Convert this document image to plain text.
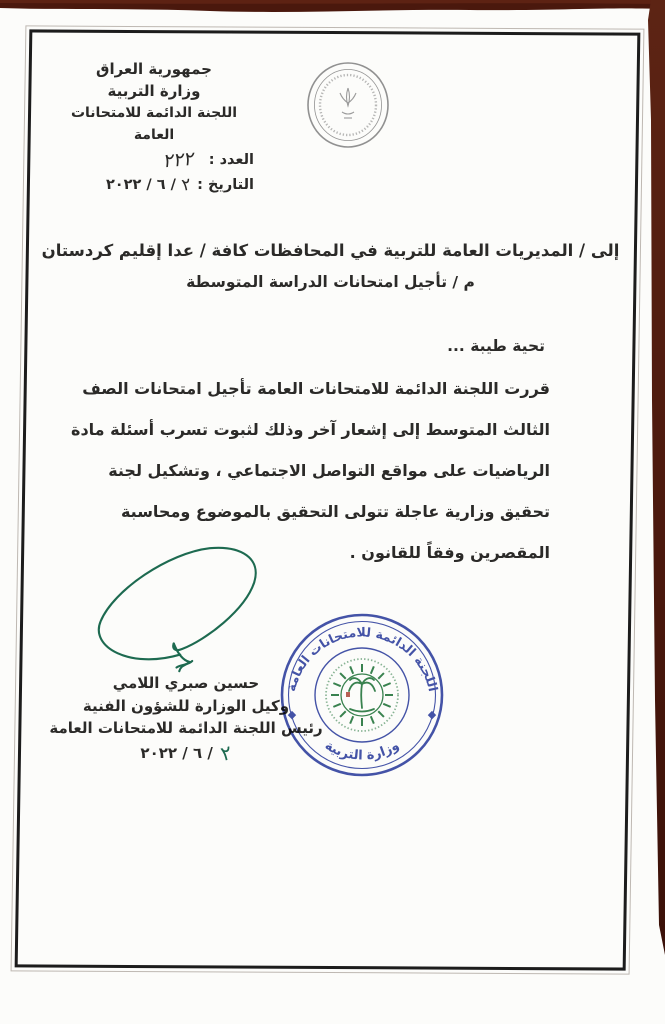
جمهورية العراق
وزارة التربية
اللجنة الدائمة للامتحانات العامة
العدد :
٢٢٢
التاريخ :
٢
/ ٦ / ٢٠٢٢
إلى / المديريات العامة للتربية في المحافظات كافة / عدا إقليم كردستان
م / تأجيل امتحانات الدراسة المتوسطة
تحية طيبة ...

قررت اللجنة الدائمة للامتحانات العامة تأجيل امتحانات الصف الثالث المتوسط إلى إشعار آخر وذلك لثبوت تسرب أسئلة مادة الرياضيات على مواقع التواصل الاجتماعي ، وتشكيل لجنة تحقيق وزارية عاجلة تتولى التحقيق بالموضوع ومحاسبة المقصرين وفقاً للقانون .

حسين صبري اللامي
وكيل الوزارة للشؤون الفنية
رئيس اللجنة الدائمة للامتحانات العامة
٢
/ ٦ / ٢٠٢٢
اللجنة الدائمة للامتحانات العامة
وزارة التربية
◆	◆
